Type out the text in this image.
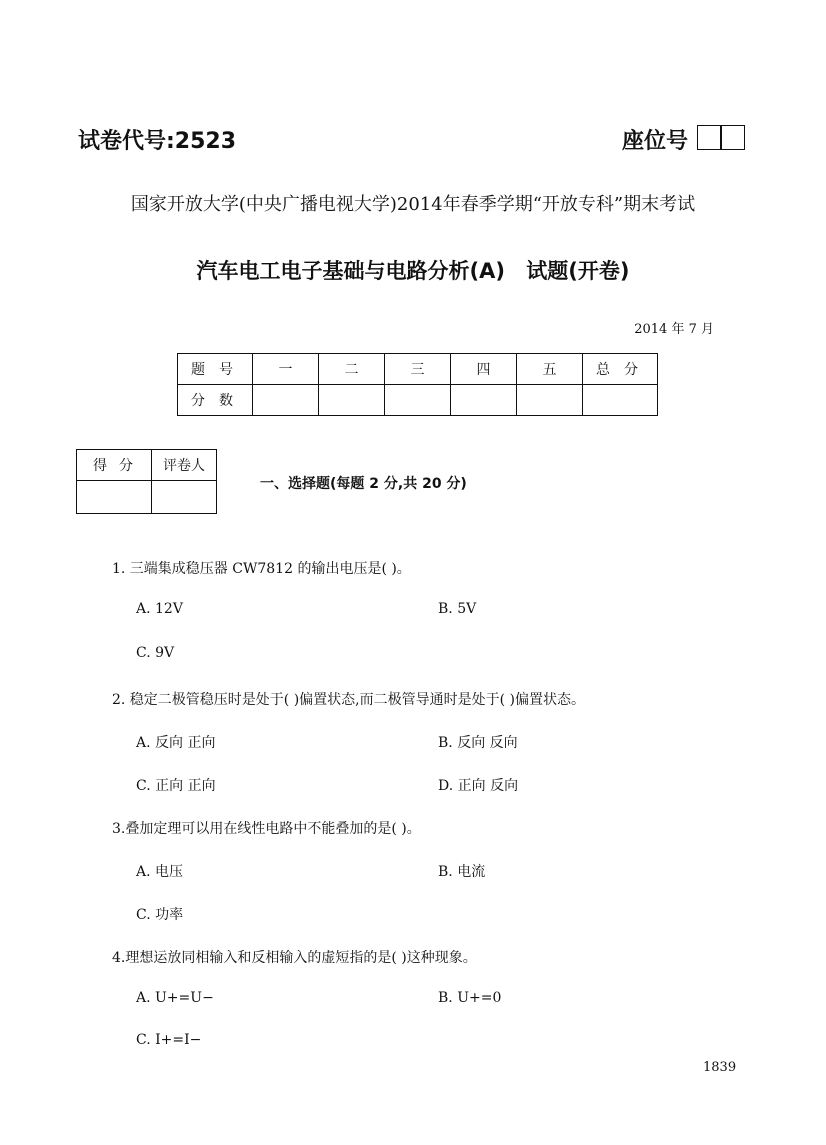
试卷代号:2523	座位号
国家开放大学(中央广播电视大学)2014年春季学期“开放专科”期末考试
汽车电工电子基础与电路分析(A) 试题(开卷)
2014 年 7 月
题号	一	二	三	四	五	总分
分数						
得分	评卷人

一、选择题(每题 2 分,共 20 分)
1. 三端集成稳压器 CW7812 的输出电压是( )。
A. 12V	B. 5V
C. 9V
2. 稳定二极管稳压时是处于( )偏置状态,而二极管导通时是处于( )偏置状态。
A. 反向 正向	B. 反向 反向
C. 正向 正向	D. 正向 反向
3.叠加定理可以用在线性电路中不能叠加的是( )。
A. 电压	B. 电流
C. 功率
4.理想运放同相输入和反相输入的虚短指的是( )这种现象。
A. U+=U−	B. U+=0
C. I+=I−
1839
